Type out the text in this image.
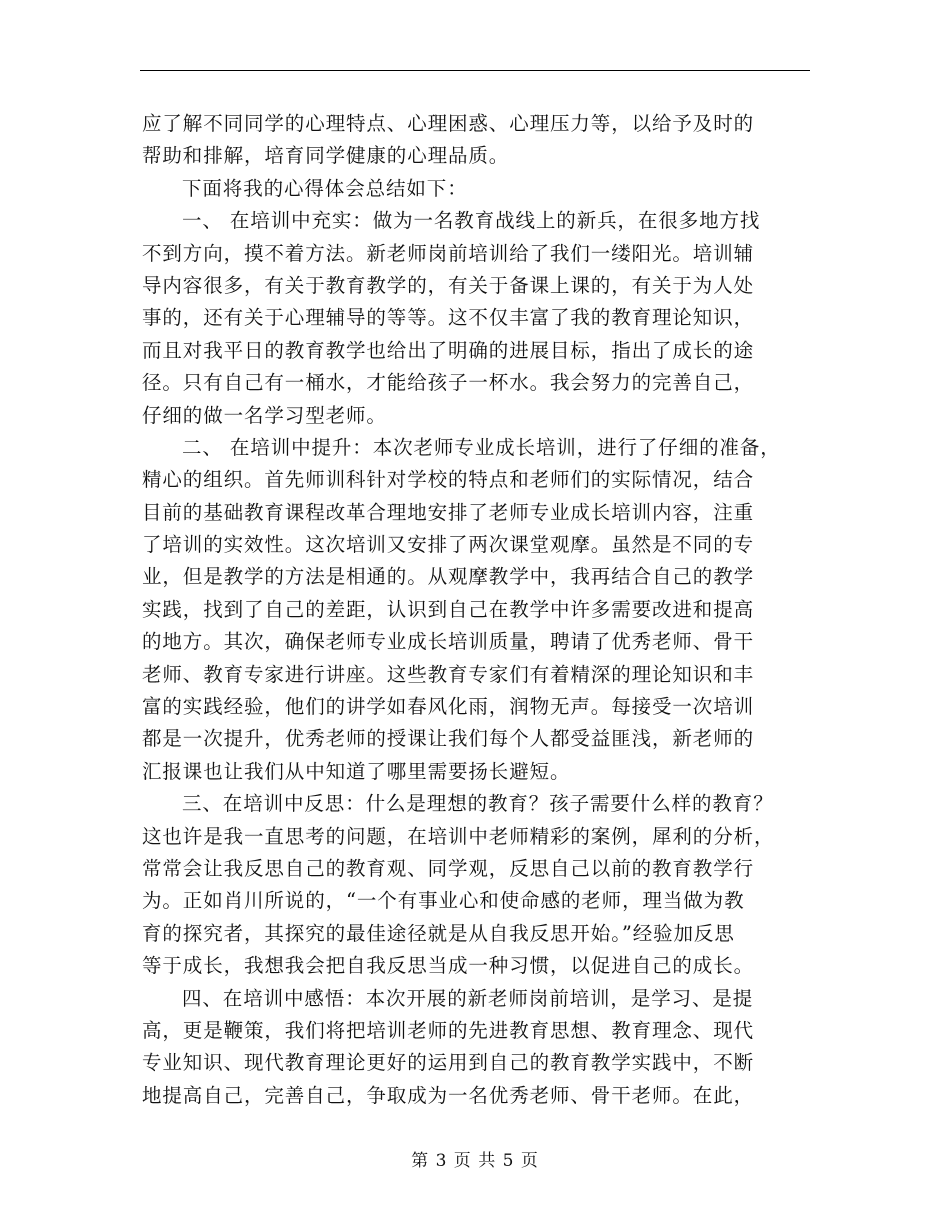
应了解不同同学的心理特点、心理困惑、心理压力等，以给予及时的
帮助和排解，培育同学健康的心理品质。
下面将我的心得体会总结如下：
一、 在培训中充实：做为一名教育战线上的新兵，在很多地方找
不到方向，摸不着方法。新老师岗前培训给了我们一缕阳光。培训辅
导内容很多，有关于教育教学的，有关于备课上课的，有关于为人处
事的，还有关于心理辅导的等等。这不仅丰富了我的教育理论知识，
而且对我平日的教育教学也给出了明确的进展目标，指出了成长的途
径。只有自己有一桶水，才能给孩子一杯水。我会努力的完善自己，
仔细的做一名学习型老师。
二、 在培训中提升：本次老师专业成长培训，进行了仔细的准备，
精心的组织。首先师训科针对学校的特点和老师们的实际情况，结合
目前的基础教育课程改革合理地安排了老师专业成长培训内容，注重
了培训的实效性。这次培训又安排了两次课堂观摩。虽然是不同的专
业，但是教学的方法是相通的。从观摩教学中，我再结合自己的教学
实践，找到了自己的差距，认识到自己在教学中许多需要改进和提高
的地方。其次，确保老师专业成长培训质量，聘请了优秀老师、骨干
老师、教育专家进行讲座。这些教育专家们有着精深的理论知识和丰
富的实践经验，他们的讲学如春风化雨，润物无声。每接受一次培训
都是一次提升，优秀老师的授课让我们每个人都受益匪浅，新老师的
汇报课也让我们从中知道了哪里需要扬长避短。
三、在培训中反思：什么是理想的教育？孩子需要什么样的教育？
这也许是我一直思考的问题，在培训中老师精彩的案例，犀利的分析，
常常会让我反思自己的教育观、同学观，反思自己以前的教育教学行
为。正如肖川所说的，“一个有事业心和使命感的老师，理当做为教
育的探究者，其探究的最佳途径就是从自我反思开始。”经验加反思
等于成长，我想我会把自我反思当成一种习惯，以促进自己的成长。
四、在培训中感悟：本次开展的新老师岗前培训，是学习、是提
高，更是鞭策，我们将把培训老师的先进教育思想、教育理念、现代
专业知识、现代教育理论更好的运用到自己的教育教学实践中，不断
地提高自己，完善自己，争取成为一名优秀老师、骨干老师。在此，
第 3 页 共 5 页
